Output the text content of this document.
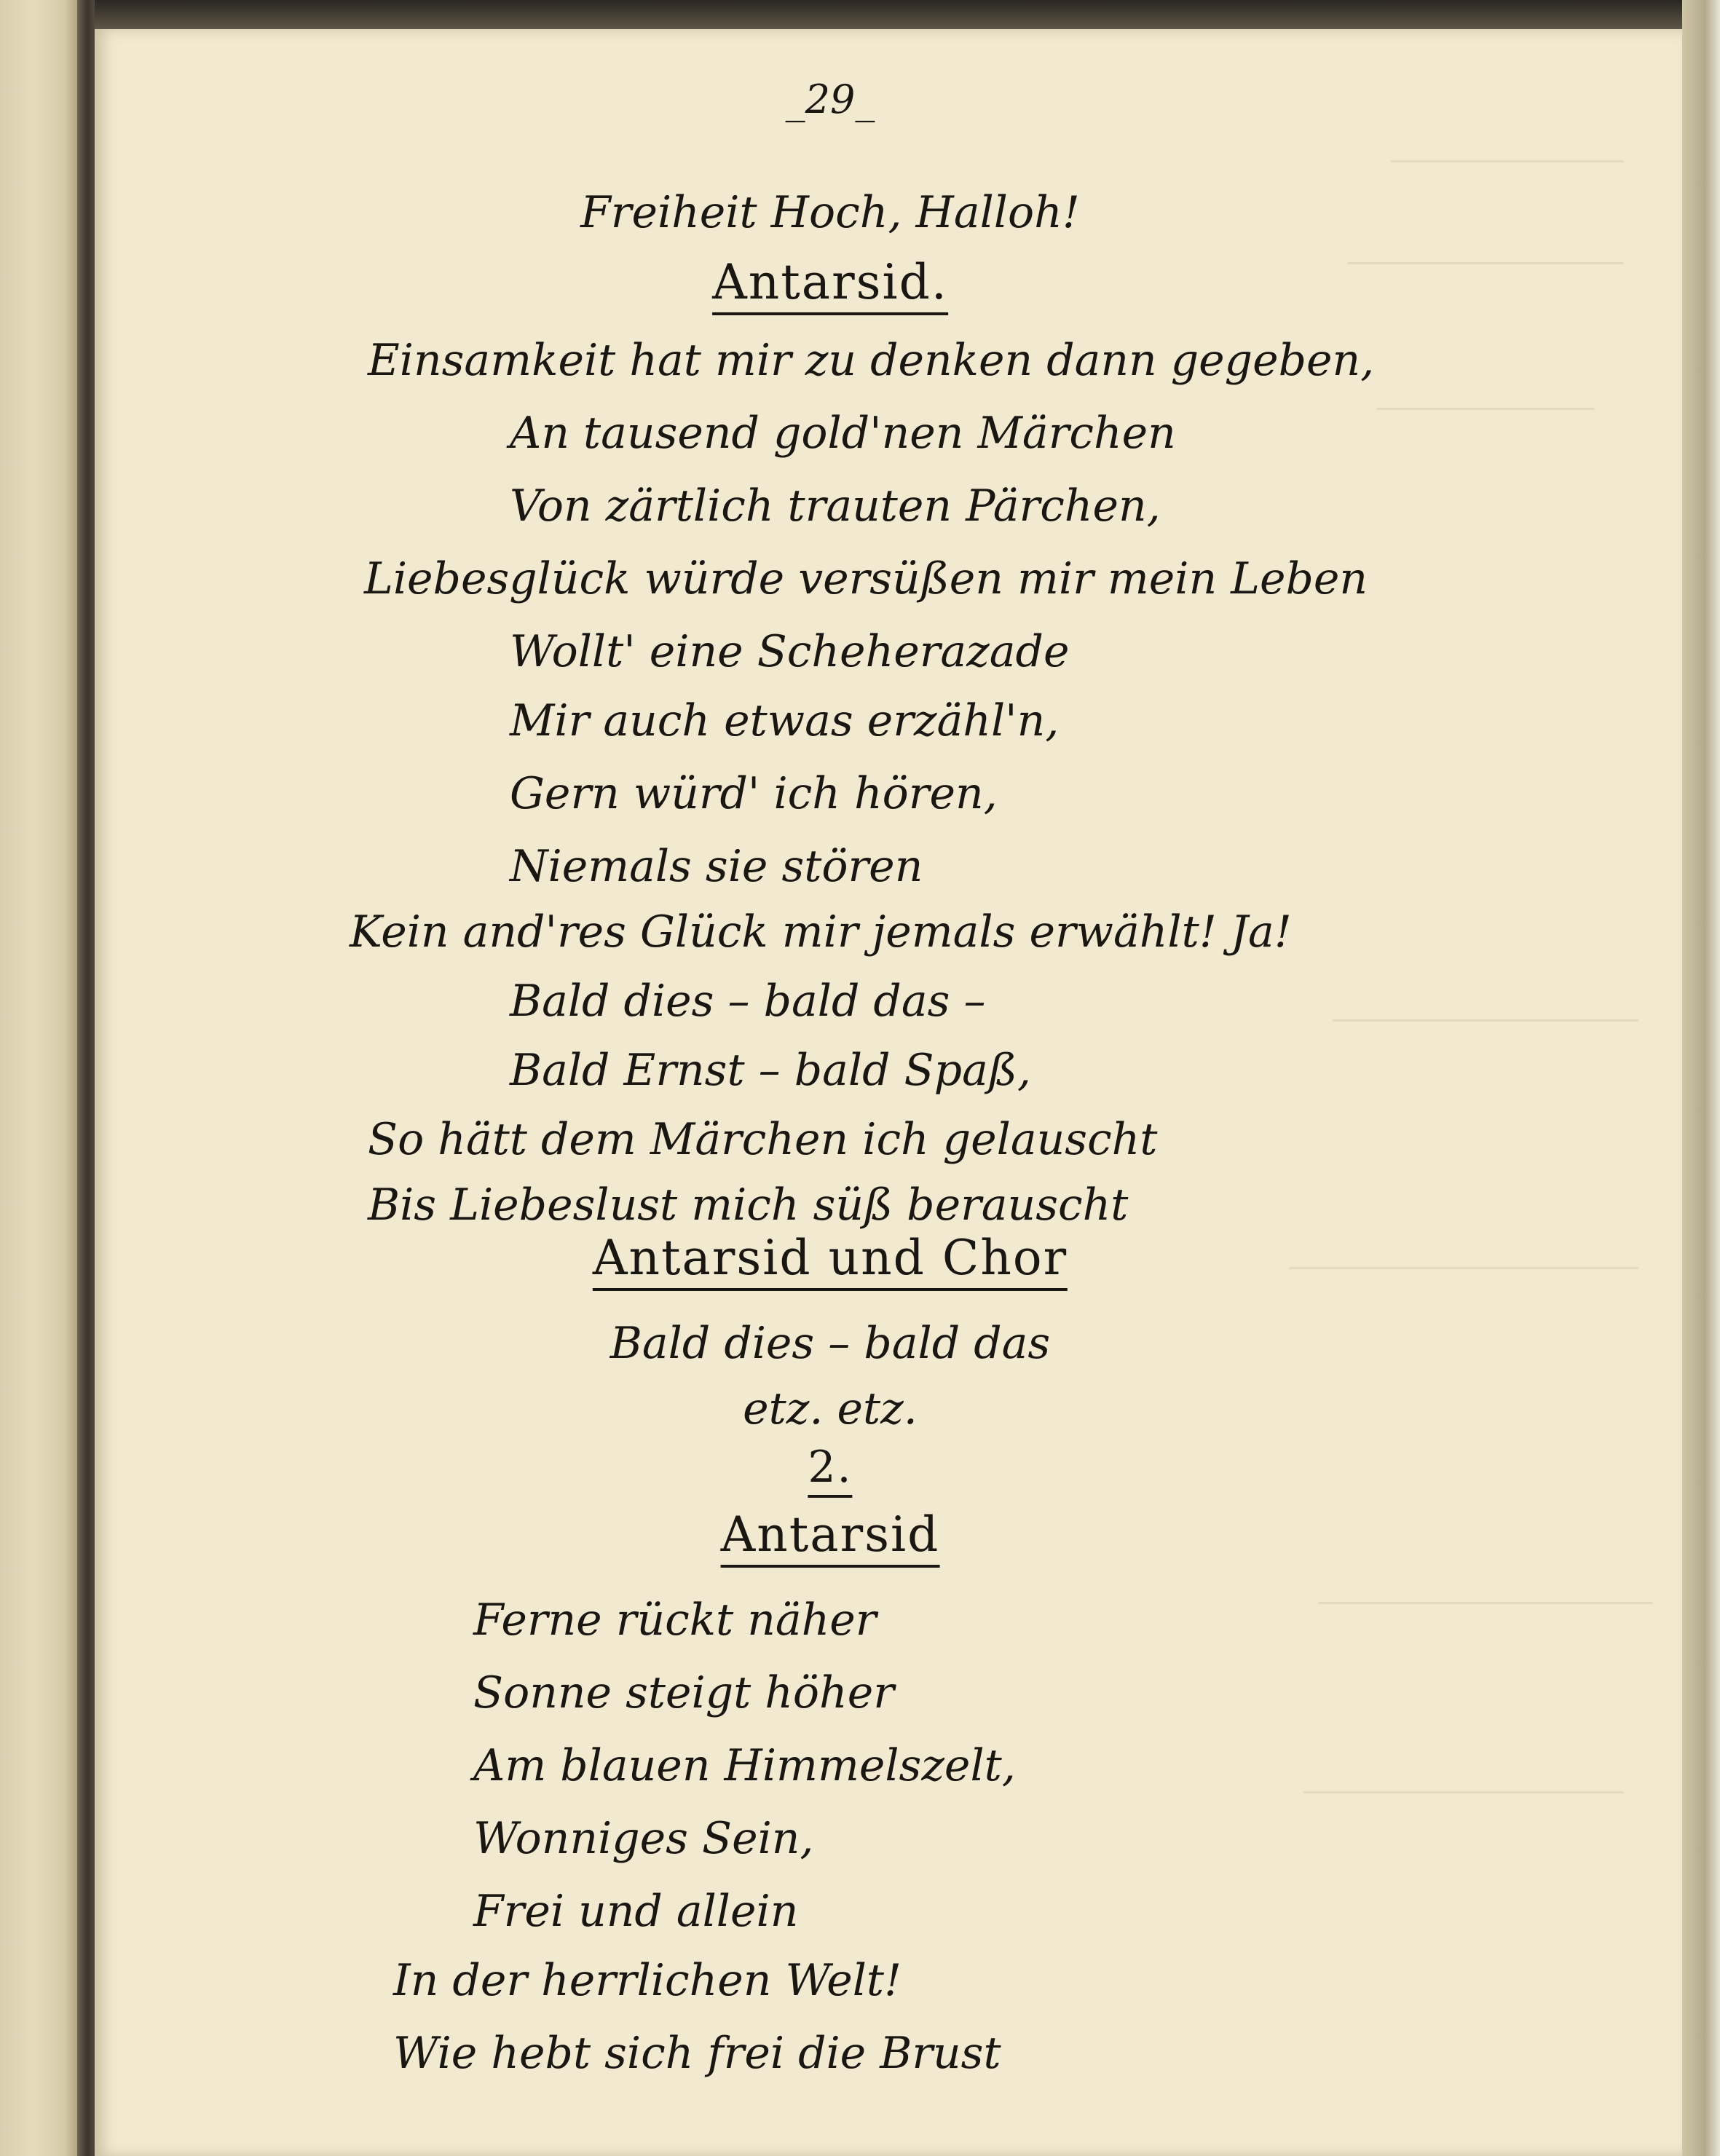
_29_
Freiheit Hoch, Halloh!
Antarsid.
Einsamkeit hat mir zu denken dann gegeben,
An tausend gold'nen Märchen
Von zärtlich trauten Pärchen,
Liebesglück würde versüßen mir mein Leben
Wollt' eine Scheherazade
Mir auch etwas erzähl'n,
Gern würd' ich hören,
Niemals sie stören
Kein and'res Glück mir jemals erwählt! Ja!
Bald dies – bald das –
Bald Ernst – bald Spaß,
So hätt dem Märchen ich gelauscht
Bis Liebeslust mich süß berauscht
Antarsid und Chor
Bald dies – bald das
etz. etz.
2.
Antarsid
Ferne rückt näher
Sonne steigt höher
Am blauen Himmelszelt,
Wonniges Sein,
Frei und allein
In der herrlichen Welt!
Wie hebt sich frei die Brust
